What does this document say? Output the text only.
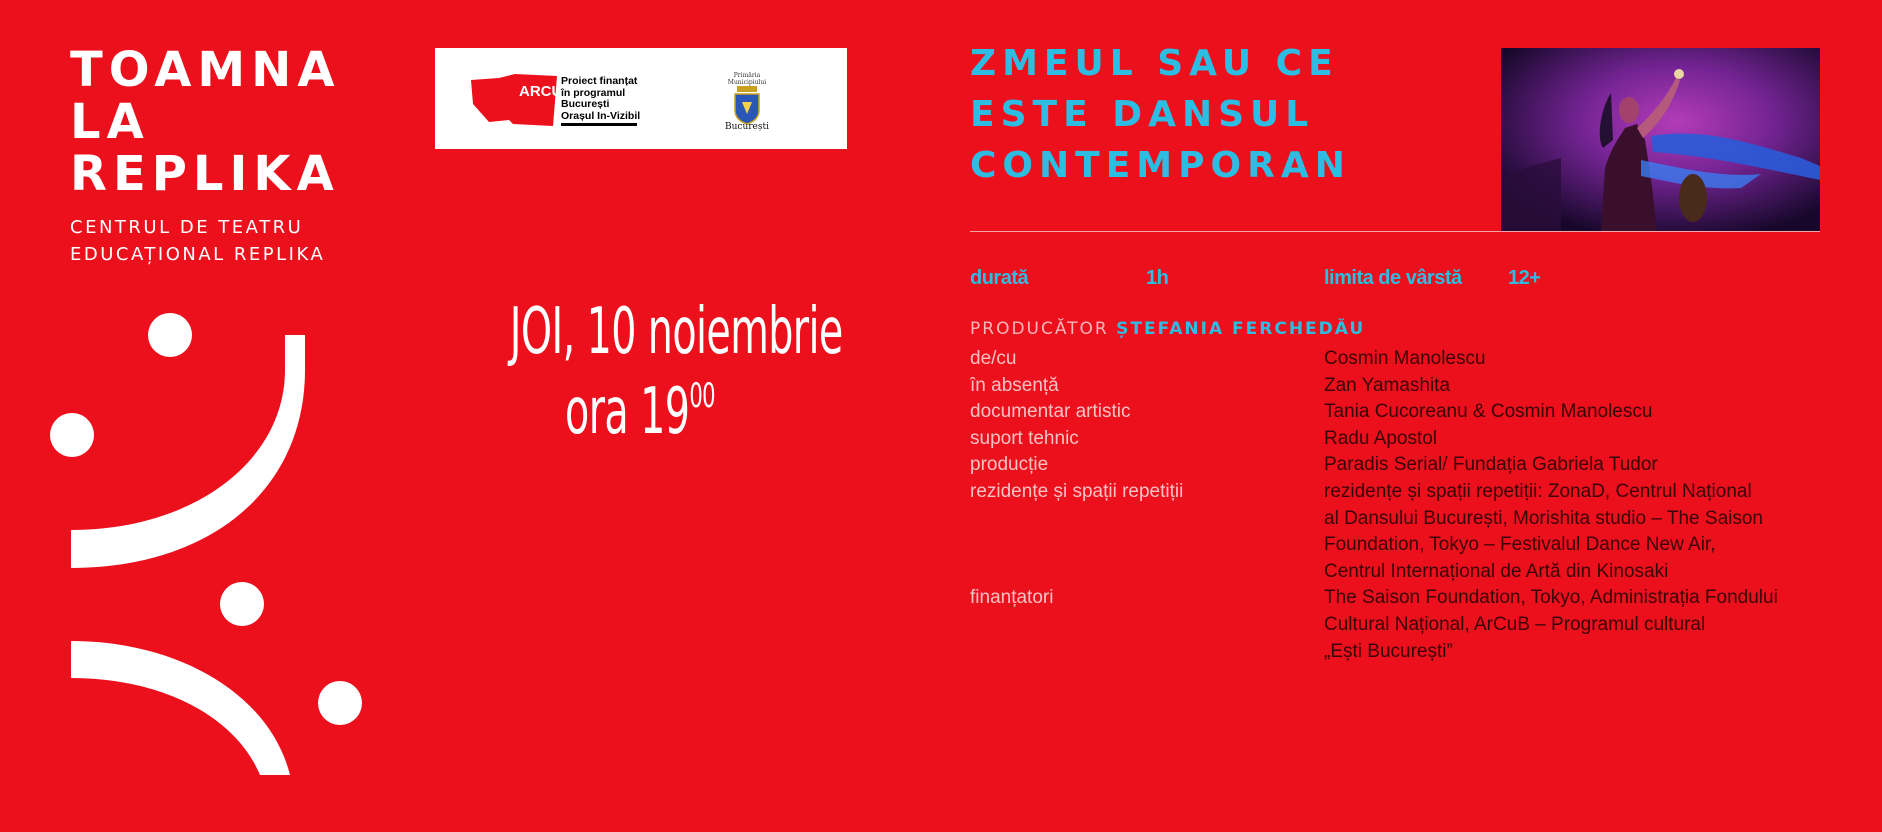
TOAMNA
LA
REPLIKA
CENTRUL DE TEATRU
EDUCAȚIONAL REPLIKA
ARCUB
Proiect finanțat
în programul
București
Orașul In-Vizibil
Primăria Municipiului
București
JOI, 10 noiembrie
ora $19^{00}$
ZMEUL SAU CE
ESTE DANSUL
CONTEMPORAN
durată	1h	limita de vârstă 12+
PRODUCĂTOR ȘTEFANIA FERCHEDĂU
de/cu
în absență
documentar artistic
suport tehnic
producție
rezidențe și spații repetiții
finanțatori
Cosmin Manolescu
Zan Yamashita
Tania Cucoreanu & Cosmin Manolescu
Radu Apostol
Paradis Serial/ Fundația Gabriela Tudor
rezidențe și spații repetiții: ZonaD, Centrul Național
al Dansului București, Morishita studio – The Saison
Foundation, Tokyo – Festivalul Dance New Air,
Centrul Internațional de Artă din Kinosaki
The Saison Foundation, Tokyo, Administrația Fondului
Cultural Național, ArCuB – Programul cultural
„Ești București”
